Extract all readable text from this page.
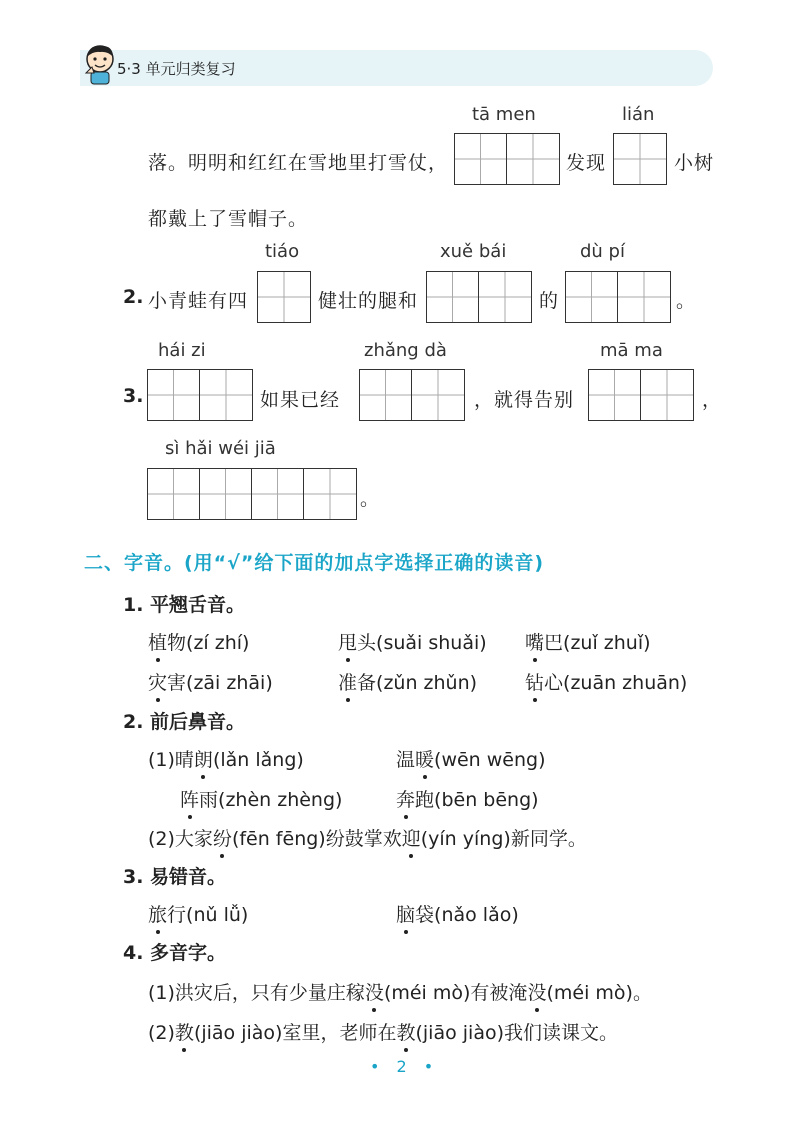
5·3 单元归类复习
tā men	lián
落。明明和红红在雪地里打雪仗，	发现	小树
都戴上了雪帽子。
tiáo	xuě bái	dù pí
2. 小青蛙有四	健壮的腿和	的	。
hái zi	zhǎng dà	mā ma
3.	如果已经	，就得告别	，
sì hǎi wéi jiā
。
二、字音。(用“√”给下面的加点字选择正确的读音)
1. 平翘舌音。
植物(zí zhí)	甩头(suǎi shuǎi) 嘴巴(zuǐ zhuǐ)
灾害(zāi zhāi)	准备(zǔn zhǔn)	钻心(zuān zhuān)
2. 前后鼻音。
(1)晴朗(lǎn lǎng)	温暖(wēn wēng)
阵雨(zhèn zhèng)	奔跑(bēn bēng)
(2)大家纷(fēn fēng)纷鼓掌欢迎(yín yíng)新同学。
3. 易错音。
旅行(nǔ lǚ)	脑袋(nǎo lǎo)
4. 多音字。
(1)洪灾后，只有少量庄稼没(méi mò)有被淹没(méi mò)。
(2)教(jiāo jiào)室里，老师在教(jiāo jiào)我们读课文。
• 2 •
